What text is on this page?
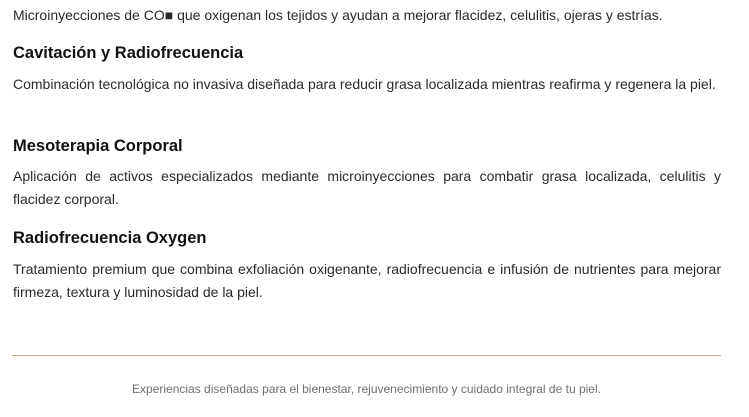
Microinyecciones de CO■ que oxigenan los tejidos y ayudan a mejorar flacidez, celulitis, ojeras y estrías.

Cavitación y Radiofrecuencia

Combinación tecnológica no invasiva diseñada para reducir grasa localizada mientras reafirma y regenera la piel.

Mesoterapia Corporal

Aplicación de activos especializados mediante microinyecciones para combatir grasa localizada, celulitis y flacidez corporal.

Radiofrecuencia Oxygen

Tratamiento premium que combina exfoliación oxigenante, radiofrecuencia e infusión de nutrientes para mejorar firmeza, textura y luminosidad de la piel.

Experiencias diseñadas para el bienestar, rejuvenecimiento y cuidado integral de tu piel.
